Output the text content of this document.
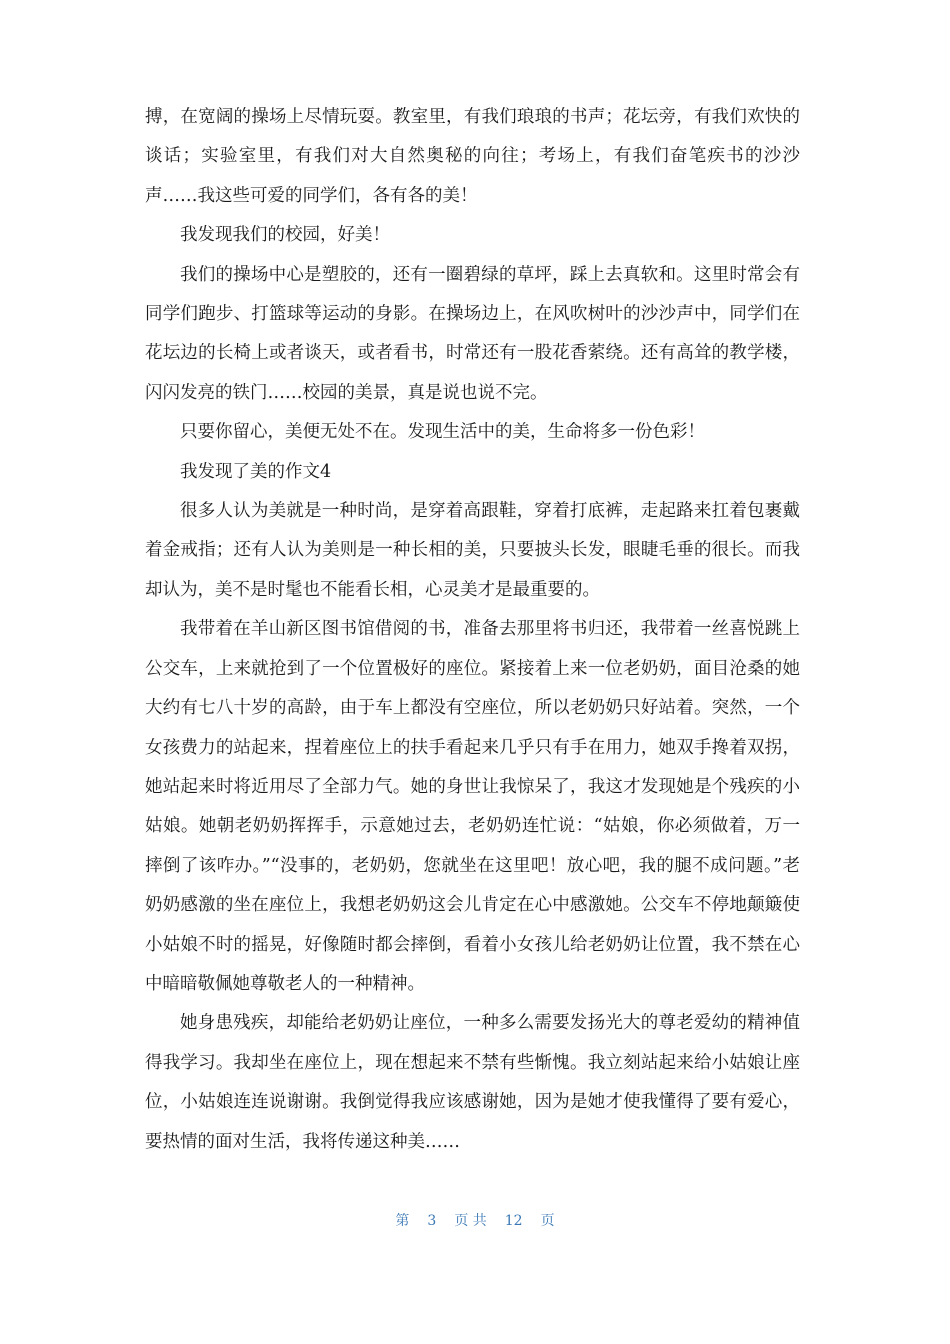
搏，在宽阔的操场上尽情玩耍。教室里，有我们琅琅的书声；花坛旁，有我们欢快的谈话；实验室里，有我们对大自然奥秘的向往；考场上，有我们奋笔疾书的沙沙声……我这些可爱的同学们，各有各的美！

我发现我们的校园，好美！

我们的操场中心是塑胶的，还有一圈碧绿的草坪，踩上去真软和。这里时常会有同学们跑步、打篮球等运动的身影。在操场边上，在风吹树叶的沙沙声中，同学们在花坛边的长椅上或者谈天，或者看书，时常还有一股花香萦绕。还有高耸的教学楼，闪闪发亮的铁门……校园的美景，真是说也说不完。

只要你留心，美便无处不在。发现生活中的美，生命将多一份色彩！

我发现了美的作文4

很多人认为美就是一种时尚，是穿着高跟鞋，穿着打底裤，走起路来扛着包裹戴着金戒指；还有人认为美则是一种长相的美，只要披头长发，眼睫毛垂的很长。而我却认为，美不是时髦也不能看长相，心灵美才是最重要的。

我带着在羊山新区图书馆借阅的书，准备去那里将书归还，我带着一丝喜悦跳上公交车，上来就抢到了一个位置极好的座位。紧接着上来一位老奶奶，面目沧桑的她大约有七八十岁的高龄，由于车上都没有空座位，所以老奶奶只好站着。突然，一个女孩费力的站起来，捏着座位上的扶手看起来几乎只有手在用力，她双手搀着双拐，她站起来时将近用尽了全部力气。她的身世让我惊呆了，我这才发现她是个残疾的小姑娘。她朝老奶奶挥挥手，示意她过去，老奶奶连忙说：“姑娘，你必须做着，万一摔倒了该咋办。”“没事的，老奶奶，您就坐在这里吧！放心吧，我的腿不成问题。”老奶奶感激的坐在座位上，我想老奶奶这会儿肯定在心中感激她。公交车不停地颠簸使小姑娘不时的摇晃，好像随时都会摔倒，看着小女孩儿给老奶奶让位置，我不禁在心中暗暗敬佩她尊敬老人的一种精神。

她身患残疾，却能给老奶奶让座位，一种多么需要发扬光大的尊老爱幼的精神值得我学习。我却坐在座位上，现在想起来不禁有些惭愧。我立刻站起来给小姑娘让座位，小姑娘连连说谢谢。我倒觉得我应该感谢她，因为是她才使我懂得了要有爱心，要热情的面对生活，我将传递这种美……

第 3 页 共 12 页
